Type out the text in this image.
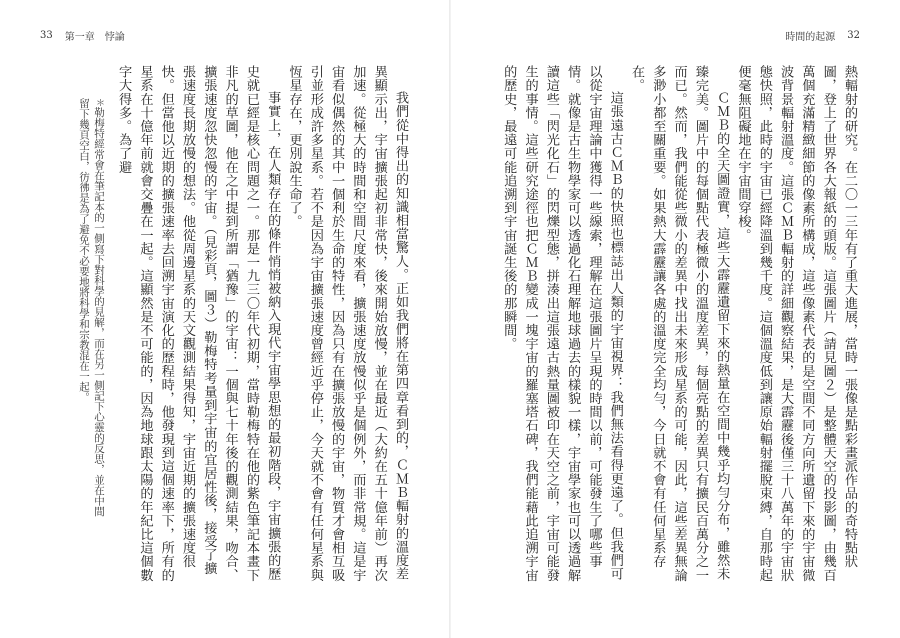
33 第一章　悖論	時間的起源 32

熱輻射的研究。在二〇一三年有了重大進展，當時一張像是點彩畫派作品的奇特點狀圖，登上了世界各大報紙的頭版。這張圖片（請見圖２）是整體天空的投影圖，由幾百萬個充滿精緻細節的像素所構成，這些像素代表的是空間不同方向所遺留下來的宇宙微波背景輻射溫度。這張ＣＭＢ輻射的詳細觀察結果，是大霹靂後僅三十八萬年的宇宙狀態快照，此時的宇宙已經降溫到幾千度。這個溫度低到讓原始輻射擺脫束縛，自那時起便毫無阻礙地在宇宙間穿梭。

ＣＭＢ的全天圖證實，這些大霹靂遺留下來的熱量在空間中幾乎均勻分布，雖然未臻完美。圖片中的每個點代表極微小的溫度差異，每個亮點的差異只有擴民百萬分之一而已。然而，我們能從些微小的差異中找出未來形成星系的可能，因此，這些差異無論多渺小都至關重要。如果熱大霹靂讓各處的溫度完全均勻，今日就不會有任何星系存在。

這張遠古ＣＭＢ的快照也標誌出人類的宇宙視界：我們無法看得更遠了。但我們可以從宇宙理論中獲得一些線索，理解在這張圖片呈現的時間以前，可能發生了哪些事情。就像是古生物學家可以透過化石理解地球過去的樣貌一樣，宇宙學家也可以透過解讀這些「閃光化石」的閃爍型態，拼湊出這張遠古熱量圖被印在天空之前，宇宙可能發生的事情。這些研究途徑也把ＣＭＢ變成一塊宇宙的羅塞塔石碑，我們能藉此追溯宇宙的歷史，最遠可能追溯到宇宙誕生後的那瞬間。

我們從中得出的知識相當驚人。正如我們將在第四章看到的，ＣＭＢ輻射的溫度差異顯示出，宇宙擴張起初非常快，後來開始放慢，並在最近（大約在五十億年前）再次加速。從極大的時間和空間尺度來看，擴張速度放慢似乎是個例外，而非常規。這是宇宙看似偶然的其中一個利於生命的特性，因為只有在擴張放慢的宇宙，物質才會相互吸引並形成許多星系。若不是因為宇宙擴張速度曾經近乎停止，今天就不會有任何星系與恆星存在，更別說生命了。

事實上，在人類存在的條件悄悄被納入現代宇宙學思想的最初階段，宇宙擴張的歷史就已經是核心問題之一。那是一九三〇年代初期，當時勒梅特在他的紫色筆記本畫下非凡的草圖，他在之中提到所謂「猶豫」的宇宙：一個與七十年後的觀測結果，吻合、擴張速度忽快忽慢的宇宙。（見彩頁，圖３）勒梅特考量到宇宙的宜居性後，接受了擴張速度長期放慢的想法。他從周邊星系的天文觀測結果得知，宇宙近期的擴張速度很快。但當他以近期的擴張速率去回溯宇宙演化的歷程時，他發現到這個速率下，所有的星系在十億年前就會交疊在一起。這顯然是不可能的，因為地球跟太陽的年紀比這個數字大得多。為了避

＊勒梅特經常會在筆記本的一側寫下對科學的見解，而在另一側記下心靈的反思，並在中間留下幾頁空白，彷彿是為了避免不必要地將科學和宗教混在一起。
